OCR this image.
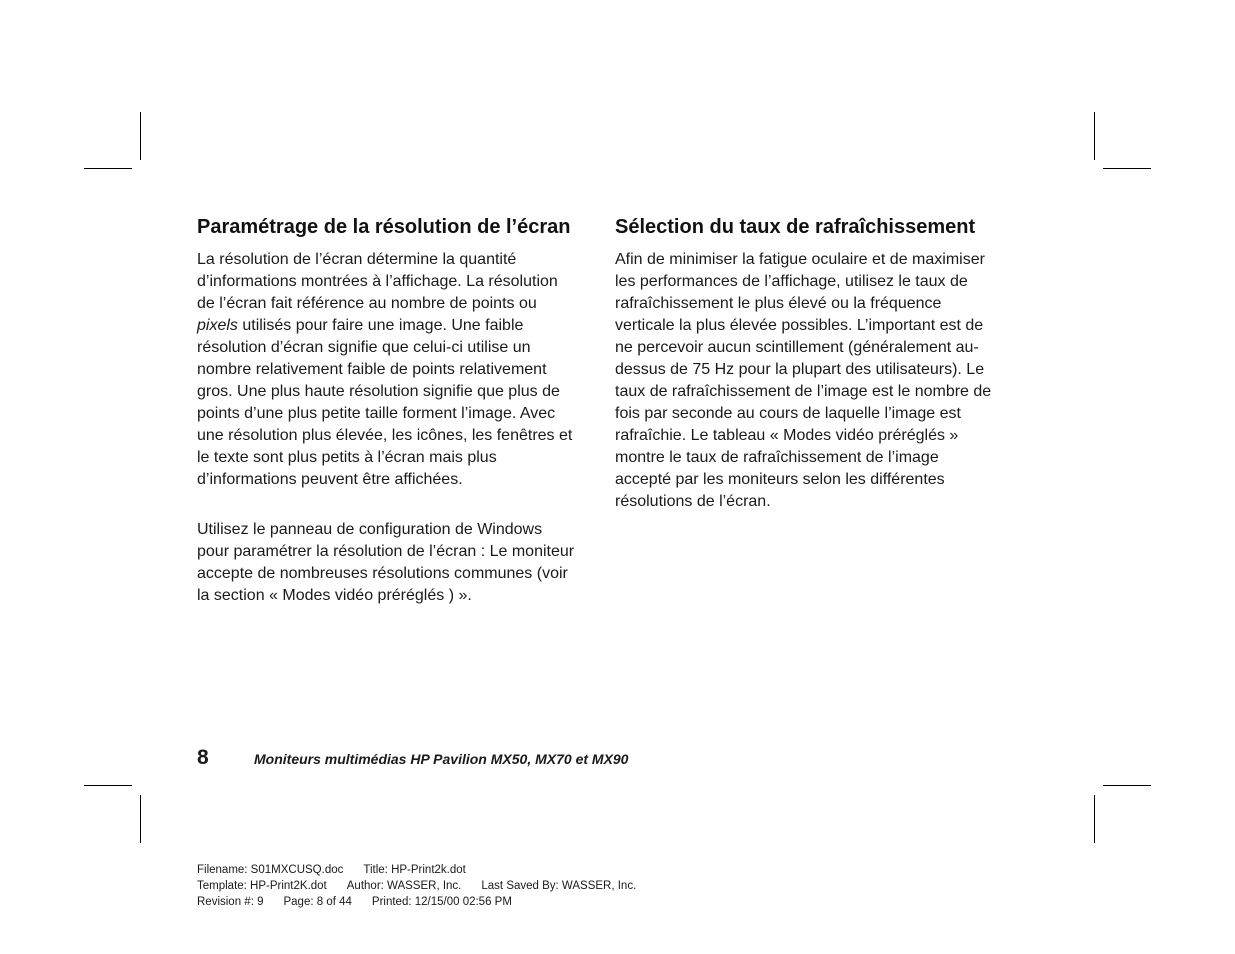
Paramétrage de la résolution de l’écran

La résolution de l’écran détermine la quantité d’informations montrées à l’affichage. La résolution de l’écran fait référence au nombre de points ou pixels utilisés pour faire une image. Une faible résolution d’écran signifie que celui-ci utilise un nombre relativement faible de points relativement gros. Une plus haute résolution signifie que plus de points d’une plus petite taille forment l’image. Avec une résolution plus élevée, les icônes, les fenêtres et le texte sont plus petits à l’écran mais plus d’informations peuvent être affichées.

Utilisez le panneau de configuration de Windows pour paramétrer la résolution de l’écran : Le moniteur accepte de nombreuses résolutions communes (voir la section « Modes vidéo préréglés ) ».

Sélection du taux de rafraîchissement

Afin de minimiser la fatigue oculaire et de maximiser les performances de l’affichage, utilisez le taux de rafraîchissement le plus élevé ou la fréquence verticale la plus élevée possibles. L’important est de ne percevoir aucun scintillement (généralement au-dessus de 75 Hz pour la plupart des utilisateurs). Le taux de rafraîchissement de l’image est le nombre de fois par seconde au cours de laquelle l’image est rafraîchie. Le tableau « Modes vidéo préréglés » montre le taux de rafraîchissement de l’image accepté par les moniteurs selon les différentes résolutions de l’écran.

8	Moniteurs multimédias HP Pavilion MX50, MX70 et MX90
Filename: S01MXCUSQ.doc Title: HP-Print2k.dot
Template: HP-Print2K.dot Author: WASSER, Inc. Last Saved By: WASSER, Inc.
Revision #: 9 Page: 8 of 44 Printed: 12/15/00 02:56 PM
